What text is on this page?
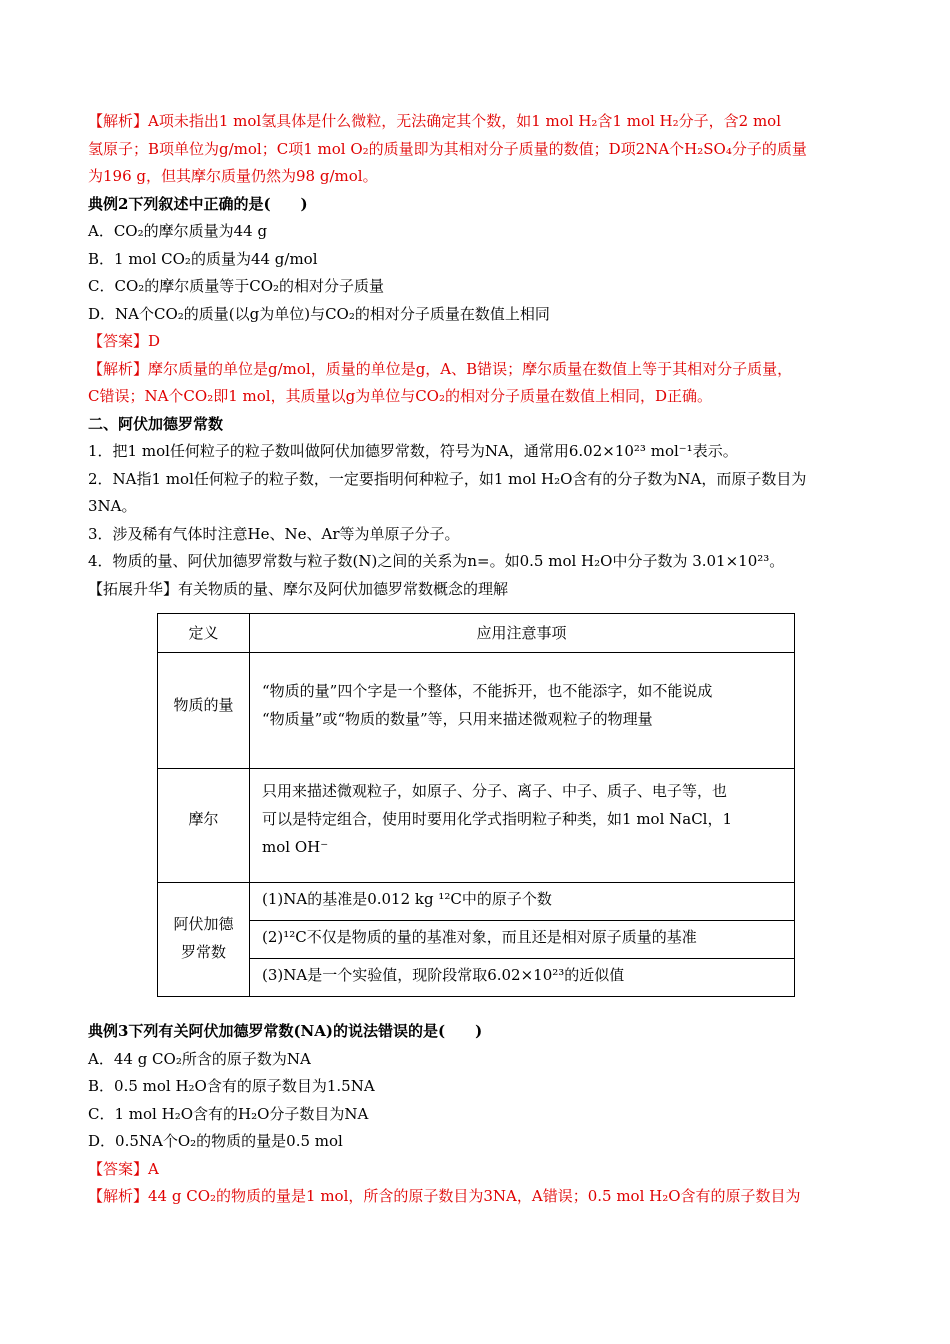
【解析】A项未指出1 mol氢具体是什么微粒，无法确定其个数，如1 mol H₂含1 mol H₂分子，含2 mol
氢原子；B项单位为g/mol；C项1 mol O₂的质量即为其相对分子质量的数值；D项2NA个H₂SO₄分子的质量
为196 g，但其摩尔质量仍然为98 g/mol。
典例2下列叙述中正确的是(　　)
A．CO₂的摩尔质量为44 g
B．1 mol CO₂的质量为44 g/mol
C．CO₂的摩尔质量等于CO₂的相对分子质量
D．NA个CO₂的质量(以g为单位)与CO₂的相对分子质量在数值上相同
【答案】D
【解析】摩尔质量的单位是g/mol，质量的单位是g，A、B错误；摩尔质量在数值上等于其相对分子质量，
C错误；NA个CO₂即1 mol，其质量以g为单位与CO₂的相对分子质量在数值上相同，D正确。
二、阿伏加德罗常数
1．把1 mol任何粒子的粒子数叫做阿伏加德罗常数，符号为NA，通常用6.02×10²³ mol⁻¹表示。
2．NA指1 mol任何粒子的粒子数，一定要指明何种粒子，如1 mol H₂O含有的分子数为NA，而原子数目为
3NA。
3．涉及稀有气体时注意He、Ne、Ar等为单原子分子。
4．物质的量、阿伏加德罗常数与粒子数(N)之间的关系为n=。如0.5 mol H₂O中分子数为 3.01×10²³。
【拓展升华】有关物质的量、摩尔及阿伏加德罗常数概念的理解
定义	应用注意事项
物质的量
“物质的量”四个字是一个整体，不能拆开，也不能添字，如不能说成
“物质量”或“物质的数量”等，只用来描述微观粒子的物理量
摩尔
只用来描述微观粒子，如原子、分子、离子、中子、质子、电子等，也
可以是特定组合，使用时要用化学式指明粒子种类，如1 mol NaCl，1
mol OH⁻
阿伏加德
罗常数
(1)NA的基准是0.012 kg ¹²C中的原子个数
(2)¹²C不仅是物质的量的基准对象，而且还是相对原子质量的基准
(3)NA是一个实验值，现阶段常取6.02×10²³的近似值
典例3下列有关阿伏加德罗常数(NA)的说法错误的是(　　)
A．44 g CO₂所含的原子数为NA
B．0.5 mol H₂O含有的原子数目为1.5NA
C．1 mol H₂O含有的H₂O分子数目为NA
D．0.5NA个O₂的物质的量是0.5 mol
【答案】A
【解析】44 g CO₂的物质的量是1 mol，所含的原子数目为3NA，A错误；0.5 mol H₂O含有的原子数目为
